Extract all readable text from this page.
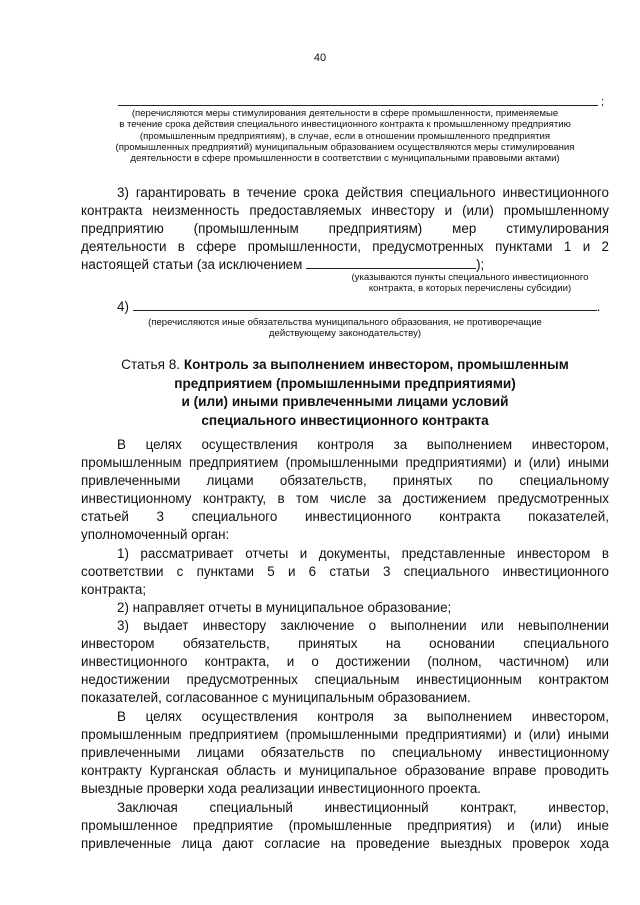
40
;
(перечисляются меры стимулирования деятельности в сфере промышленности, применяемые
в течение срока действия специального инвестиционного контракта к промышленному предприятию
(промышленным предприятиям), в случае, если в отношении промышленного предприятия
(промышленных предприятий) муниципальным образованием осуществляются меры стимулирования
деятельности в сфере промышленности в соответствии с муниципальными правовыми актами)
3) гарантировать в течение срока действия специального инвестиционного
контракта неизменность предоставляемых инвестору и (или) промышленному
предприятию (промышленным предприятиям) мер стимулирования
деятельности в сфере промышленности, предусмотренных пунктами 1 и 2
настоящей статьи (за исключением	);
(указываются пункты специального инвестиционного
контракта, в которых перечислены субсидии)
4)	.
(перечисляются иные обязательства муниципального образования, не противоречащие
действующему законодательству)
Статья 8. Контроль за выполнением инвестором, промышленным
предприятием (промышленными предприятиями)
и (или) иными привлеченными лицами условий
специального инвестиционного контракта
В целях осуществления контроля за выполнением инвестором,
промышленным предприятием (промышленными предприятиями) и (или) иными
привлеченными лицами обязательств, принятых по специальному
инвестиционному контракту, в том числе за достижением предусмотренных
статьей 3 специального инвестиционного контракта показателей,
уполномоченный орган:
1) рассматривает отчеты и документы, представленные инвестором в
соответствии с пунктами 5 и 6 статьи 3 специального инвестиционного
контракта;
2) направляет отчеты в муниципальное образование;
3) выдает инвестору заключение о выполнении или невыполнении
инвестором обязательств, принятых на основании специального
инвестиционного контракта, и о достижении (полном, частичном) или
недостижении предусмотренных специальным инвестиционным контрактом
показателей, согласованное с муниципальным образованием.
В целях осуществления контроля за выполнением инвестором,
промышленным предприятием (промышленными предприятиями) и (или) иными
привлеченными лицами обязательств по специальному инвестиционному
контракту Курганская область и муниципальное образование вправе проводить
выездные проверки хода реализации инвестиционного проекта.
Заключая специальный инвестиционный контракт, инвестор,
промышленное предприятие (промышленные предприятия) и (или) иные
привлеченные лица дают согласие на проведение выездных проверок хода
